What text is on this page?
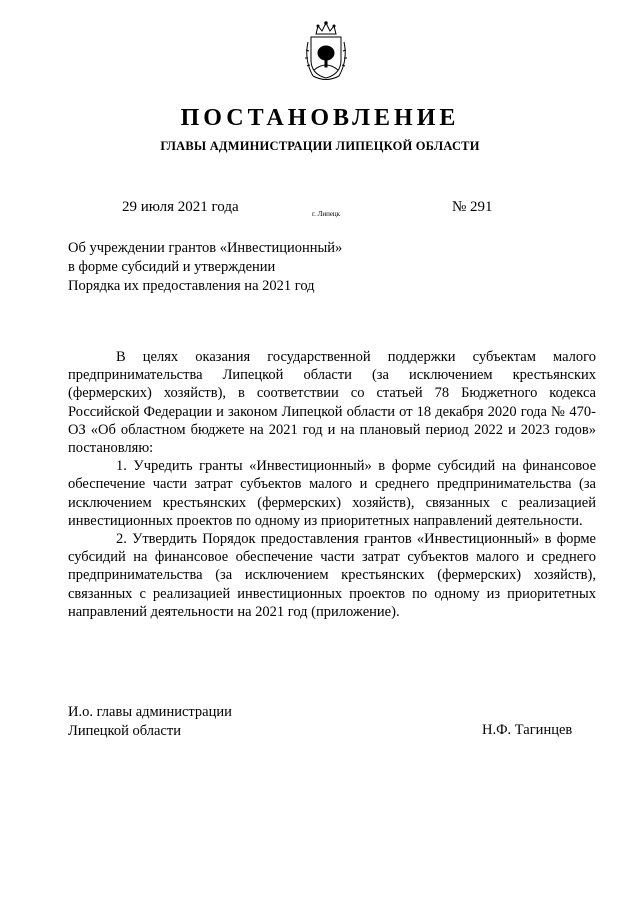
ПОСТАНОВЛЕНИЕ
ГЛАВЫ АДМИНИСТРАЦИИ ЛИПЕЦКОЙ ОБЛАСТИ
29 июля 2021 года	г. Липецк	№ 291
Об учреждении грантов «Инвестиционный»
в форме субсидий и утверждении
Порядка их предоставления на 2021 год

В целях оказания государственной поддержки субъектам малого предпринимательства Липецкой области (за исключением крестьянских (фермерских) хозяйств), в соответствии со статьей 78 Бюджетного кодекса Российской Федерации и законом Липецкой области от 18 декабря 2020 года № 470-ОЗ «Об областном бюджете на 2021 год и на плановый период 2022 и 2023 годов» постановляю:

1. Учредить гранты «Инвестиционный» в форме субсидий на финансовое обеспечение части затрат субъектов малого и среднего предпринимательства (за исключением крестьянских (фермерских) хозяйств), связанных с реализацией инвестиционных проектов по одному из приоритетных направлений деятельности.

2. Утвердить Порядок предоставления грантов «Инвестиционный» в форме субсидий на финансовое обеспечение части затрат субъектов малого и среднего предпринимательства (за исключением крестьянских (фермерских) хозяйств), связанных с реализацией инвестиционных проектов по одному из приоритетных направлений деятельности на 2021 год (приложение).

И.о. главы администрации
Липецкой области	Н.Ф. Тагинцев
